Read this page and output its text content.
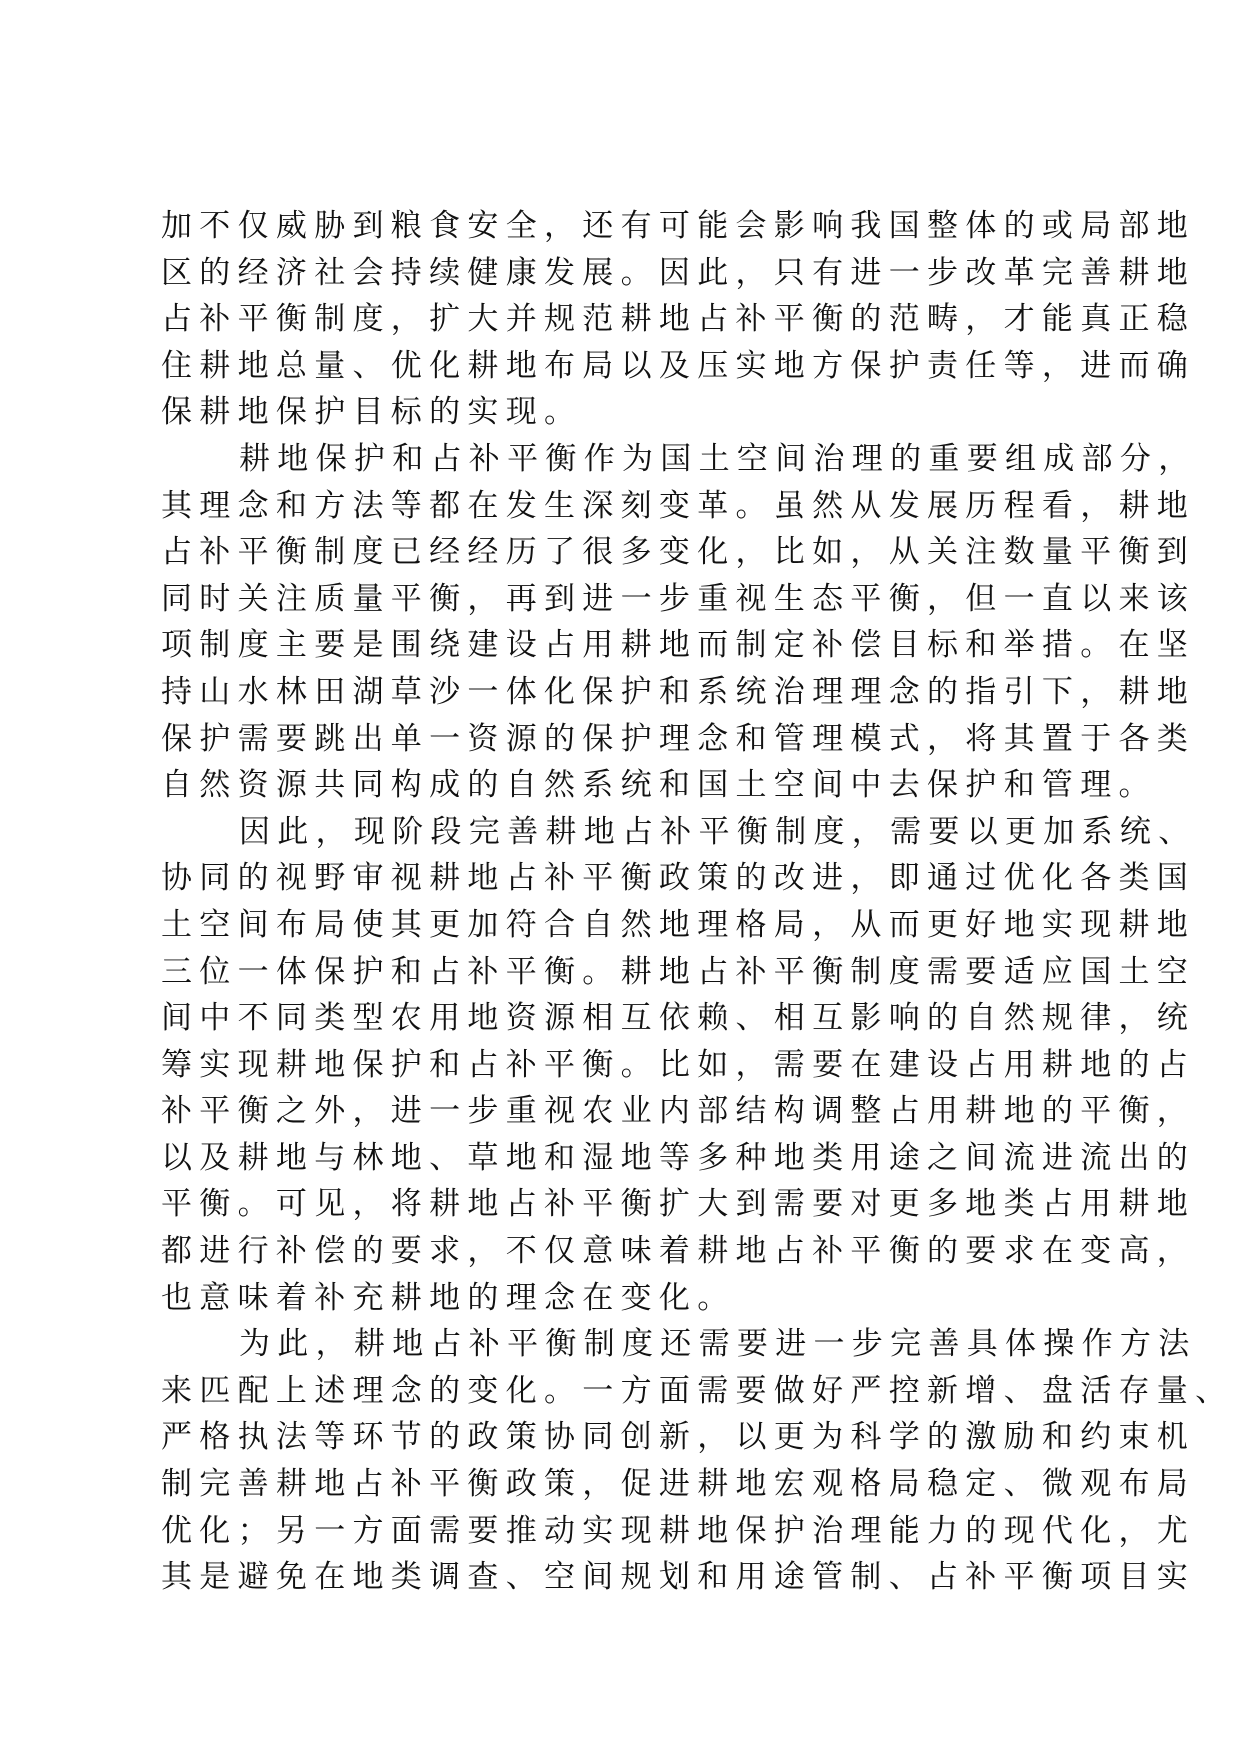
加不仅威胁到粮食安全，还有可能会影响我国整体的或局部地
区的经济社会持续健康发展。因此，只有进一步改革完善耕地
占补平衡制度，扩大并规范耕地占补平衡的范畴，才能真正稳
住耕地总量、优化耕地布局以及压实地方保护责任等，进而确
保耕地保护目标的实现。
耕地保护和占补平衡作为国土空间治理的重要组成部分，
其理念和方法等都在发生深刻变革。虽然从发展历程看，耕地
占补平衡制度已经经历了很多变化，比如，从关注数量平衡到
同时关注质量平衡，再到进一步重视生态平衡，但一直以来该
项制度主要是围绕建设占用耕地而制定补偿目标和举措。在坚
持山水林田湖草沙一体化保护和系统治理理念的指引下，耕地
保护需要跳出单一资源的保护理念和管理模式，将其置于各类
自然资源共同构成的自然系统和国土空间中去保护和管理。
因此，现阶段完善耕地占补平衡制度，需要以更加系统、
协同的视野审视耕地占补平衡政策的改进，即通过优化各类国
土空间布局使其更加符合自然地理格局，从而更好地实现耕地
三位一体保护和占补平衡。耕地占补平衡制度需要适应国土空
间中不同类型农用地资源相互依赖、相互影响的自然规律，统
筹实现耕地保护和占补平衡。比如，需要在建设占用耕地的占
补平衡之外，进一步重视农业内部结构调整占用耕地的平衡，
以及耕地与林地、草地和湿地等多种地类用途之间流进流出的
平衡。可见，将耕地占补平衡扩大到需要对更多地类占用耕地
都进行补偿的要求，不仅意味着耕地占补平衡的要求在变高，
也意味着补充耕地的理念在变化。
为此，耕地占补平衡制度还需要进一步完善具体操作方法
来匹配上述理念的变化。一方面需要做好严控新增、盘活存量、
严格执法等环节的政策协同创新，以更为科学的激励和约束机
制完善耕地占补平衡政策，促进耕地宏观格局稳定、微观布局
优化；另一方面需要推动实现耕地保护治理能力的现代化，尤
其是避免在地类调查、空间规划和用途管制、占补平衡项目实
